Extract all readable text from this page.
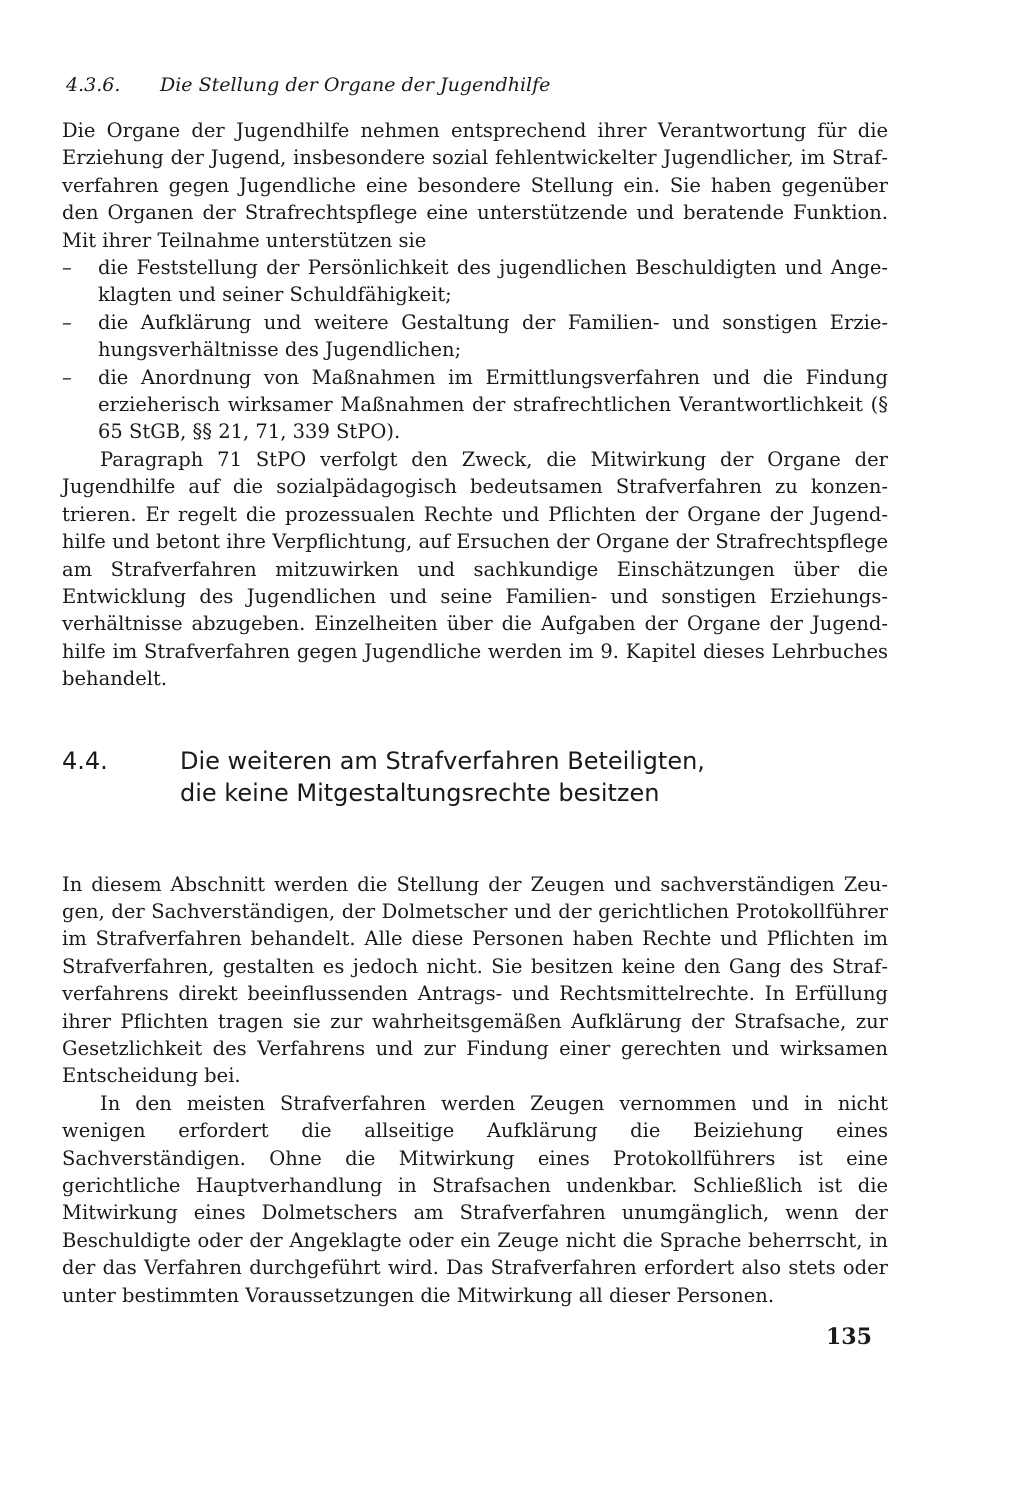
4.3.6.	Die Stellung der Organe der Jugendhilfe

Die Organe der Jugendhilfe nehmen entsprechend ihrer Verantwortung für die Erziehung der Jugend, insbesondere sozial fehlentwickelter Jugendlicher, im Strafverfahren gegen Jugendliche eine besondere Stellung ein. Sie haben gegenüber den Organen der Strafrechtspflege eine unterstützende und beratende Funktion. Mit ihrer Teilnahme unterstützen sie

– die Feststellung der Persönlichkeit des jugendlichen Beschuldigten und Angeklagten und seiner Schuldfähigkeit;
– die Aufklärung und weitere Gestaltung der Familien- und sonstigen Erziehungsverhältnisse des Jugendlichen;
– die Anordnung von Maßnahmen im Ermittlungsverfahren und die Findung erzieherisch wirksamer Maßnahmen der strafrechtlichen Verantwortlichkeit (§ 65 StGB, §§ 21, 71, 339 StPO).

Paragraph 71 StPO verfolgt den Zweck, die Mitwirkung der Organe der Jugendhilfe auf die sozialpädagogisch bedeutsamen Strafverfahren zu konzentrieren. Er regelt die prozessualen Rechte und Pflichten der Organe der Jugendhilfe und betont ihre Verpflichtung, auf Ersuchen der Organe der Strafrechtspflege am Strafverfahren mitzuwirken und sachkundige Einschätzungen über die Entwicklung des Jugendlichen und seine Familien- und sonstigen Erziehungsverhältnisse abzugeben. Einzelheiten über die Aufgaben der Organe der Jugendhilfe im Strafverfahren gegen Jugendliche werden im 9. Kapitel dieses Lehrbuches behandelt.

4.4.	Die weiteren am Strafverfahren Beteiligten,
die keine Mitgestaltungsrechte besitzen

In diesem Abschnitt werden die Stellung der Zeugen und sachverständigen Zeugen, der Sachverständigen, der Dolmetscher und der gerichtlichen Protokollführer im Strafverfahren behandelt. Alle diese Personen haben Rechte und Pflichten im Strafverfahren, gestalten es jedoch nicht. Sie besitzen keine den Gang des Strafverfahrens direkt beeinflussenden Antrags- und Rechtsmittelrechte. In Erfüllung ihrer Pflichten tragen sie zur wahrheitsgemäßen Aufklärung der Strafsache, zur Gesetzlichkeit des Verfahrens und zur Findung einer gerechten und wirksamen Entscheidung bei.

In den meisten Strafverfahren werden Zeugen vernommen und in nicht wenigen erfordert die allseitige Aufklärung die Beiziehung eines Sachverständigen. Ohne die Mitwirkung eines Protokollführers ist eine gerichtliche Hauptverhandlung in Strafsachen undenkbar. Schließlich ist die Mitwirkung eines Dolmetschers am Strafverfahren unumgänglich, wenn der Beschuldigte oder der Angeklagte oder ein Zeuge nicht die Sprache beherrscht, in der das Verfahren durchgeführt wird. Das Strafverfahren erfordert also stets oder unter bestimmten Voraussetzungen die Mitwirkung all dieser Personen.

135
